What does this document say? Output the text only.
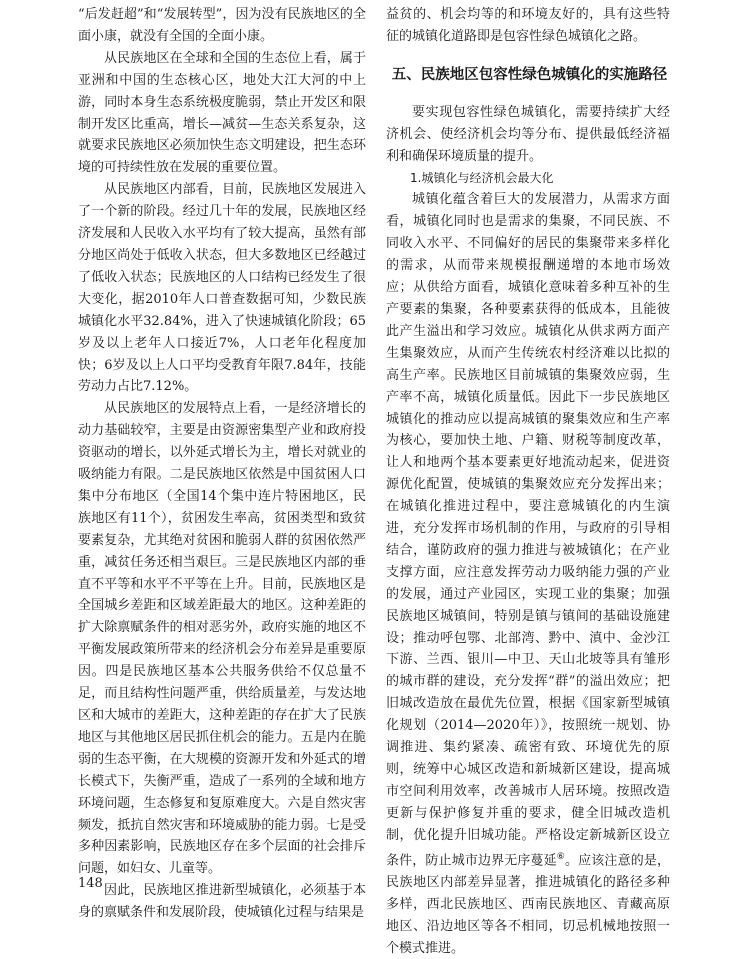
“后发赶超”和“发展转型”，因为没有民族地区的全面小康，就没有全国的全面小康。

从民族地区在全球和全国的生态位上看，属于亚洲和中国的生态核心区，地处大江大河的中上游，同时本身生态系统极度脆弱，禁止开发区和限制开发区比重高，增长—减贫—生态关系复杂，这就要求民族地区必须加快生态文明建设，把生态环境的可持续性放在发展的重要位置。

从民族地区内部看，目前，民族地区发展进入了一个新的阶段。经过几十年的发展，民族地区经济发展和人民收入水平均有了较大提高，虽然有部分地区尚处于低收入状态，但大多数地区已经越过了低收入状态；民族地区的人口结构已经发生了很大变化，据2010年人口普查数据可知，少数民族城镇化水平32.84%，进入了快速城镇化阶段；65岁及以上老年人口接近7%，人口老年化程度加快；6岁及以上人口平均受教育年限7.84年，技能劳动力占比7.12%。

从民族地区的发展特点上看，一是经济增长的动力基础较窄，主要是由资源密集型产业和政府投资驱动的增长，以外延式增长为主，增长对就业的吸纳能力有限。二是民族地区依然是中国贫困人口集中分布地区（全国14个集中连片特困地区，民族地区有11个），贫困发生率高，贫困类型和致贫要素复杂，尤其绝对贫困和脆弱人群的贫困依然严重，减贫任务还相当艰巨。三是民族地区内部的垂直不平等和水平不平等在上升。目前，民族地区是全国城乡差距和区域差距最大的地区。这种差距的扩大除禀赋条件的相对恶劣外，政府实施的地区不平衡发展政策所带来的经济机会分布差异是重要原因。四是民族地区基本公共服务供给不仅总量不足，而且结构性问题严重，供给质量差，与发达地区和大城市的差距大，这种差距的存在扩大了民族地区与其他地区居民抓住机会的能力。五是内在脆弱的生态平衡，在大规模的资源开发和外延式的增长模式下，失衡严重，造成了一系列的全域和地方环境问题，生态修复和复原难度大。六是自然灾害频发，抵抗自然灾害和环境威胁的能力弱。七是受多种因素影响，民族地区存在多个层面的社会排斥问题，如妇女、儿童等。

因此，民族地区推进新型城镇化，必须基于本身的禀赋条件和发展阶段，使城镇化过程与结果是

益贫的、机会均等的和环境友好的，具有这些特征的城镇化道路即是包容性绿色城镇化之路。

五、民族地区包容性绿色城镇化的实施路径

要实现包容性绿色城镇化，需要持续扩大经济机会、使经济机会均等分布、提供最低经济福利和确保环境质量的提升。

1.城镇化与经济机会最大化

城镇化蕴含着巨大的发展潜力，从需求方面看，城镇化同时也是需求的集聚，不同民族、不同收入水平、不同偏好的居民的集聚带来多样化的需求，从而带来规模报酬递增的本地市场效应；从供给方面看，城镇化意味着多种互补的生产要素的集聚，各种要素获得的低成本，且能彼此产生溢出和学习效应。城镇化从供求两方面产生集聚效应，从而产生传统农村经济难以比拟的高生产率。民族地区目前城镇的集聚效应弱，生产率不高，城镇化质量低。因此下一步民族地区城镇化的推动应以提高城镇的聚集效应和生产率为核心，要加快土地、户籍、财税等制度改革，让人和地两个基本要素更好地流动起来，促进资源优化配置，使城镇的集聚效应充分发挥出来；在城镇化推进过程中，要注意城镇化的内生演进，充分发挥市场机制的作用，与政府的引导相结合，谨防政府的强力推进与被城镇化；在产业支撑方面，应注意发挥劳动力吸纳能力强的产业的发展，通过产业园区，实现工业的集聚；加强民族地区城镇间，特别是镇与镇间的基础设施建设；推动呼包鄂、北部湾、黔中、滇中、金沙江下游、兰西、银川—中卫、天山北坡等具有雏形的城市群的建设，充分发挥“群”的溢出效应；把旧城改造放在最优先位置，根据《国家新型城镇化规划（2014—2020年）》，按照统一规划、协调推进、集约紧凑、疏密有致、环境优先的原则，统筹中心城区改造和新城新区建设，提高城市空间利用效率，改善城市人居环境。按照改造更新与保护修复并重的要求，健全旧城改造机制，优化提升旧城功能。严格设定新城新区设立条件，防止城市边界无序蔓延⑥。应该注意的是，民族地区内部差异显著，推进城镇化的路径多种多样，西北民族地区、西南民族地区、青藏高原地区、沿边地区等各不相同，切忌机械地按照一个模式推进。

148
